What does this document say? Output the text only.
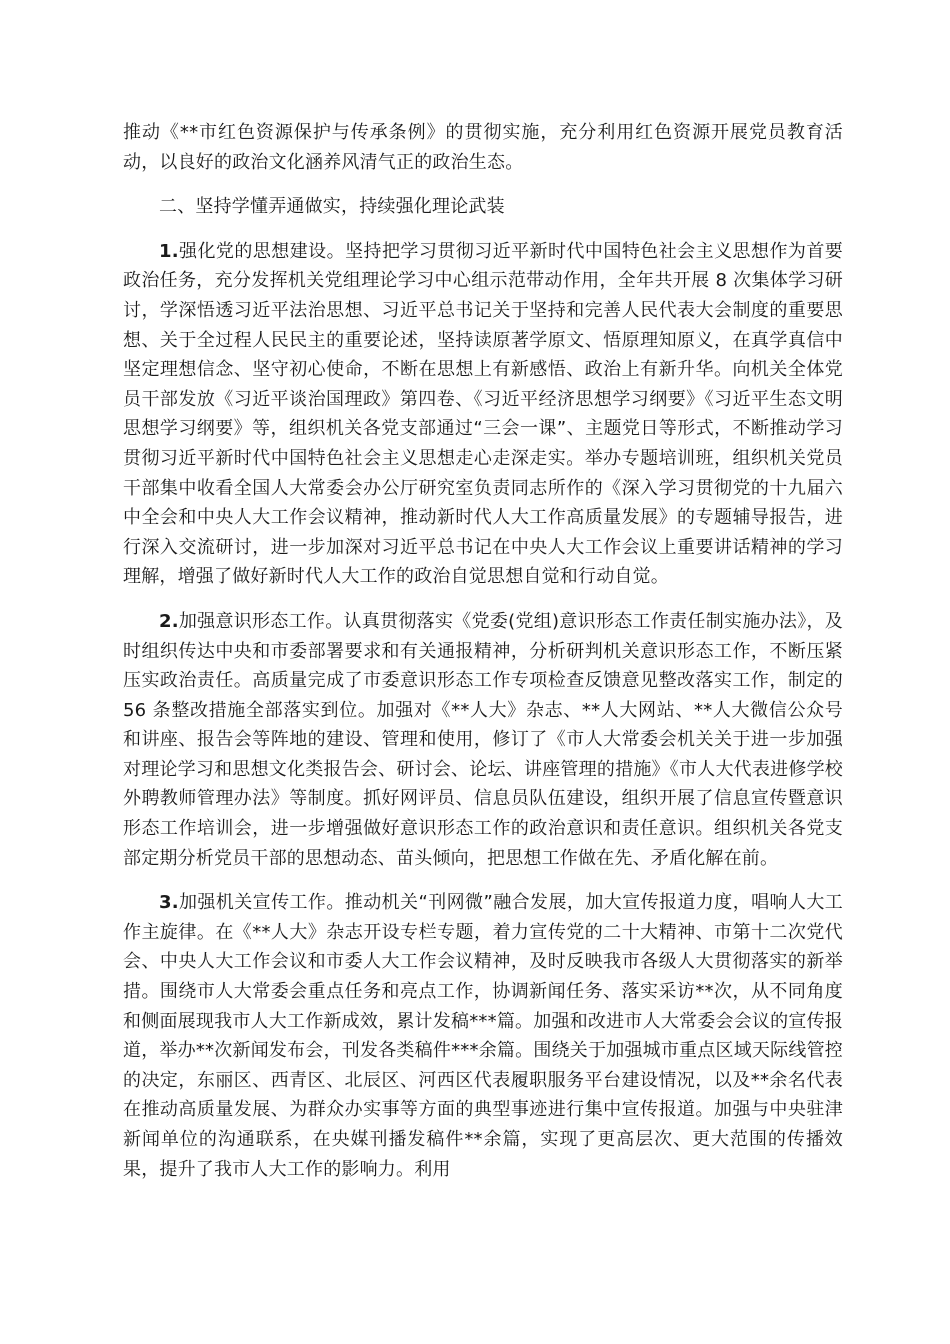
推动《**市红色资源保护与传承条例》的贯彻实施，充分利用红色资源开展党员教育活动，以良好的政治文化涵养风清气正的政治生态。

二、坚持学懂弄通做实，持续强化理论武装

1.强化党的思想建设。坚持把学习贯彻习近平新时代中国特色社会主义思想作为首要政治任务，充分发挥机关党组理论学习中心组示范带动作用，全年共开展 8 次集体学习研讨，学深悟透习近平法治思想、习近平总书记关于坚持和完善人民代表大会制度的重要思想、关于全过程人民民主的重要论述，坚持读原著学原文、悟原理知原义，在真学真信中坚定理想信念、坚守初心使命，不断在思想上有新感悟、政治上有新升华。向机关全体党员干部发放《习近平谈治国理政》第四卷、《习近平经济思想学习纲要》《习近平生态文明思想学习纲要》等，组织机关各党支部通过“三会一课”、主题党日等形式，不断推动学习贯彻习近平新时代中国特色社会主义思想走心走深走实。举办专题培训班，组织机关党员干部集中收看全国人大常委会办公厅研究室负责同志所作的《深入学习贯彻党的十九届六中全会和中央人大工作会议精神，推动新时代人大工作高质量发展》的专题辅导报告，进行深入交流研讨，进一步加深对习近平总书记在中央人大工作会议上重要讲话精神的学习理解，增强了做好新时代人大工作的政治自觉思想自觉和行动自觉。

2.加强意识形态工作。认真贯彻落实《党委(党组)意识形态工作责任制实施办法》，及时组织传达中央和市委部署要求和有关通报精神，分析研判机关意识形态工作，不断压紧压实政治责任。高质量完成了市委意识形态工作专项检查反馈意见整改落实工作，制定的 56 条整改措施全部落实到位。加强对《**人大》杂志、**人大网站、**人大微信公众号和讲座、报告会等阵地的建设、管理和使用，修订了《市人大常委会机关关于进一步加强对理论学习和思想文化类报告会、研讨会、论坛、讲座管理的措施》《市人大代表进修学校外聘教师管理办法》等制度。抓好网评员、信息员队伍建设，组织开展了信息宣传暨意识形态工作培训会，进一步增强做好意识形态工作的政治意识和责任意识。组织机关各党支部定期分析党员干部的思想动态、苗头倾向，把思想工作做在先、矛盾化解在前。

3.加强机关宣传工作。推动机关“刊网微”融合发展，加大宣传报道力度，唱响人大工作主旋律。在《**人大》杂志开设专栏专题，着力宣传党的二十大精神、市第十二次党代会、中央人大工作会议和市委人大工作会议精神，及时反映我市各级人大贯彻落实的新举措。围绕市人大常委会重点任务和亮点工作，协调新闻任务、落实采访**次，从不同角度和侧面展现我市人大工作新成效，累计发稿***篇。加强和改进市人大常委会会议的宣传报道，举办**次新闻发布会，刊发各类稿件***余篇。围绕关于加强城市重点区域天际线管控的决定，东丽区、西青区、北辰区、河西区代表履职服务平台建设情况，以及**余名代表在推动高质量发展、为群众办实事等方面的典型事迹进行集中宣传报道。加强与中央驻津新闻单位的沟通联系，在央媒刊播发稿件**余篇，实现了更高层次、更大范围的传播效果，提升了我市人大工作的影响力。利用
